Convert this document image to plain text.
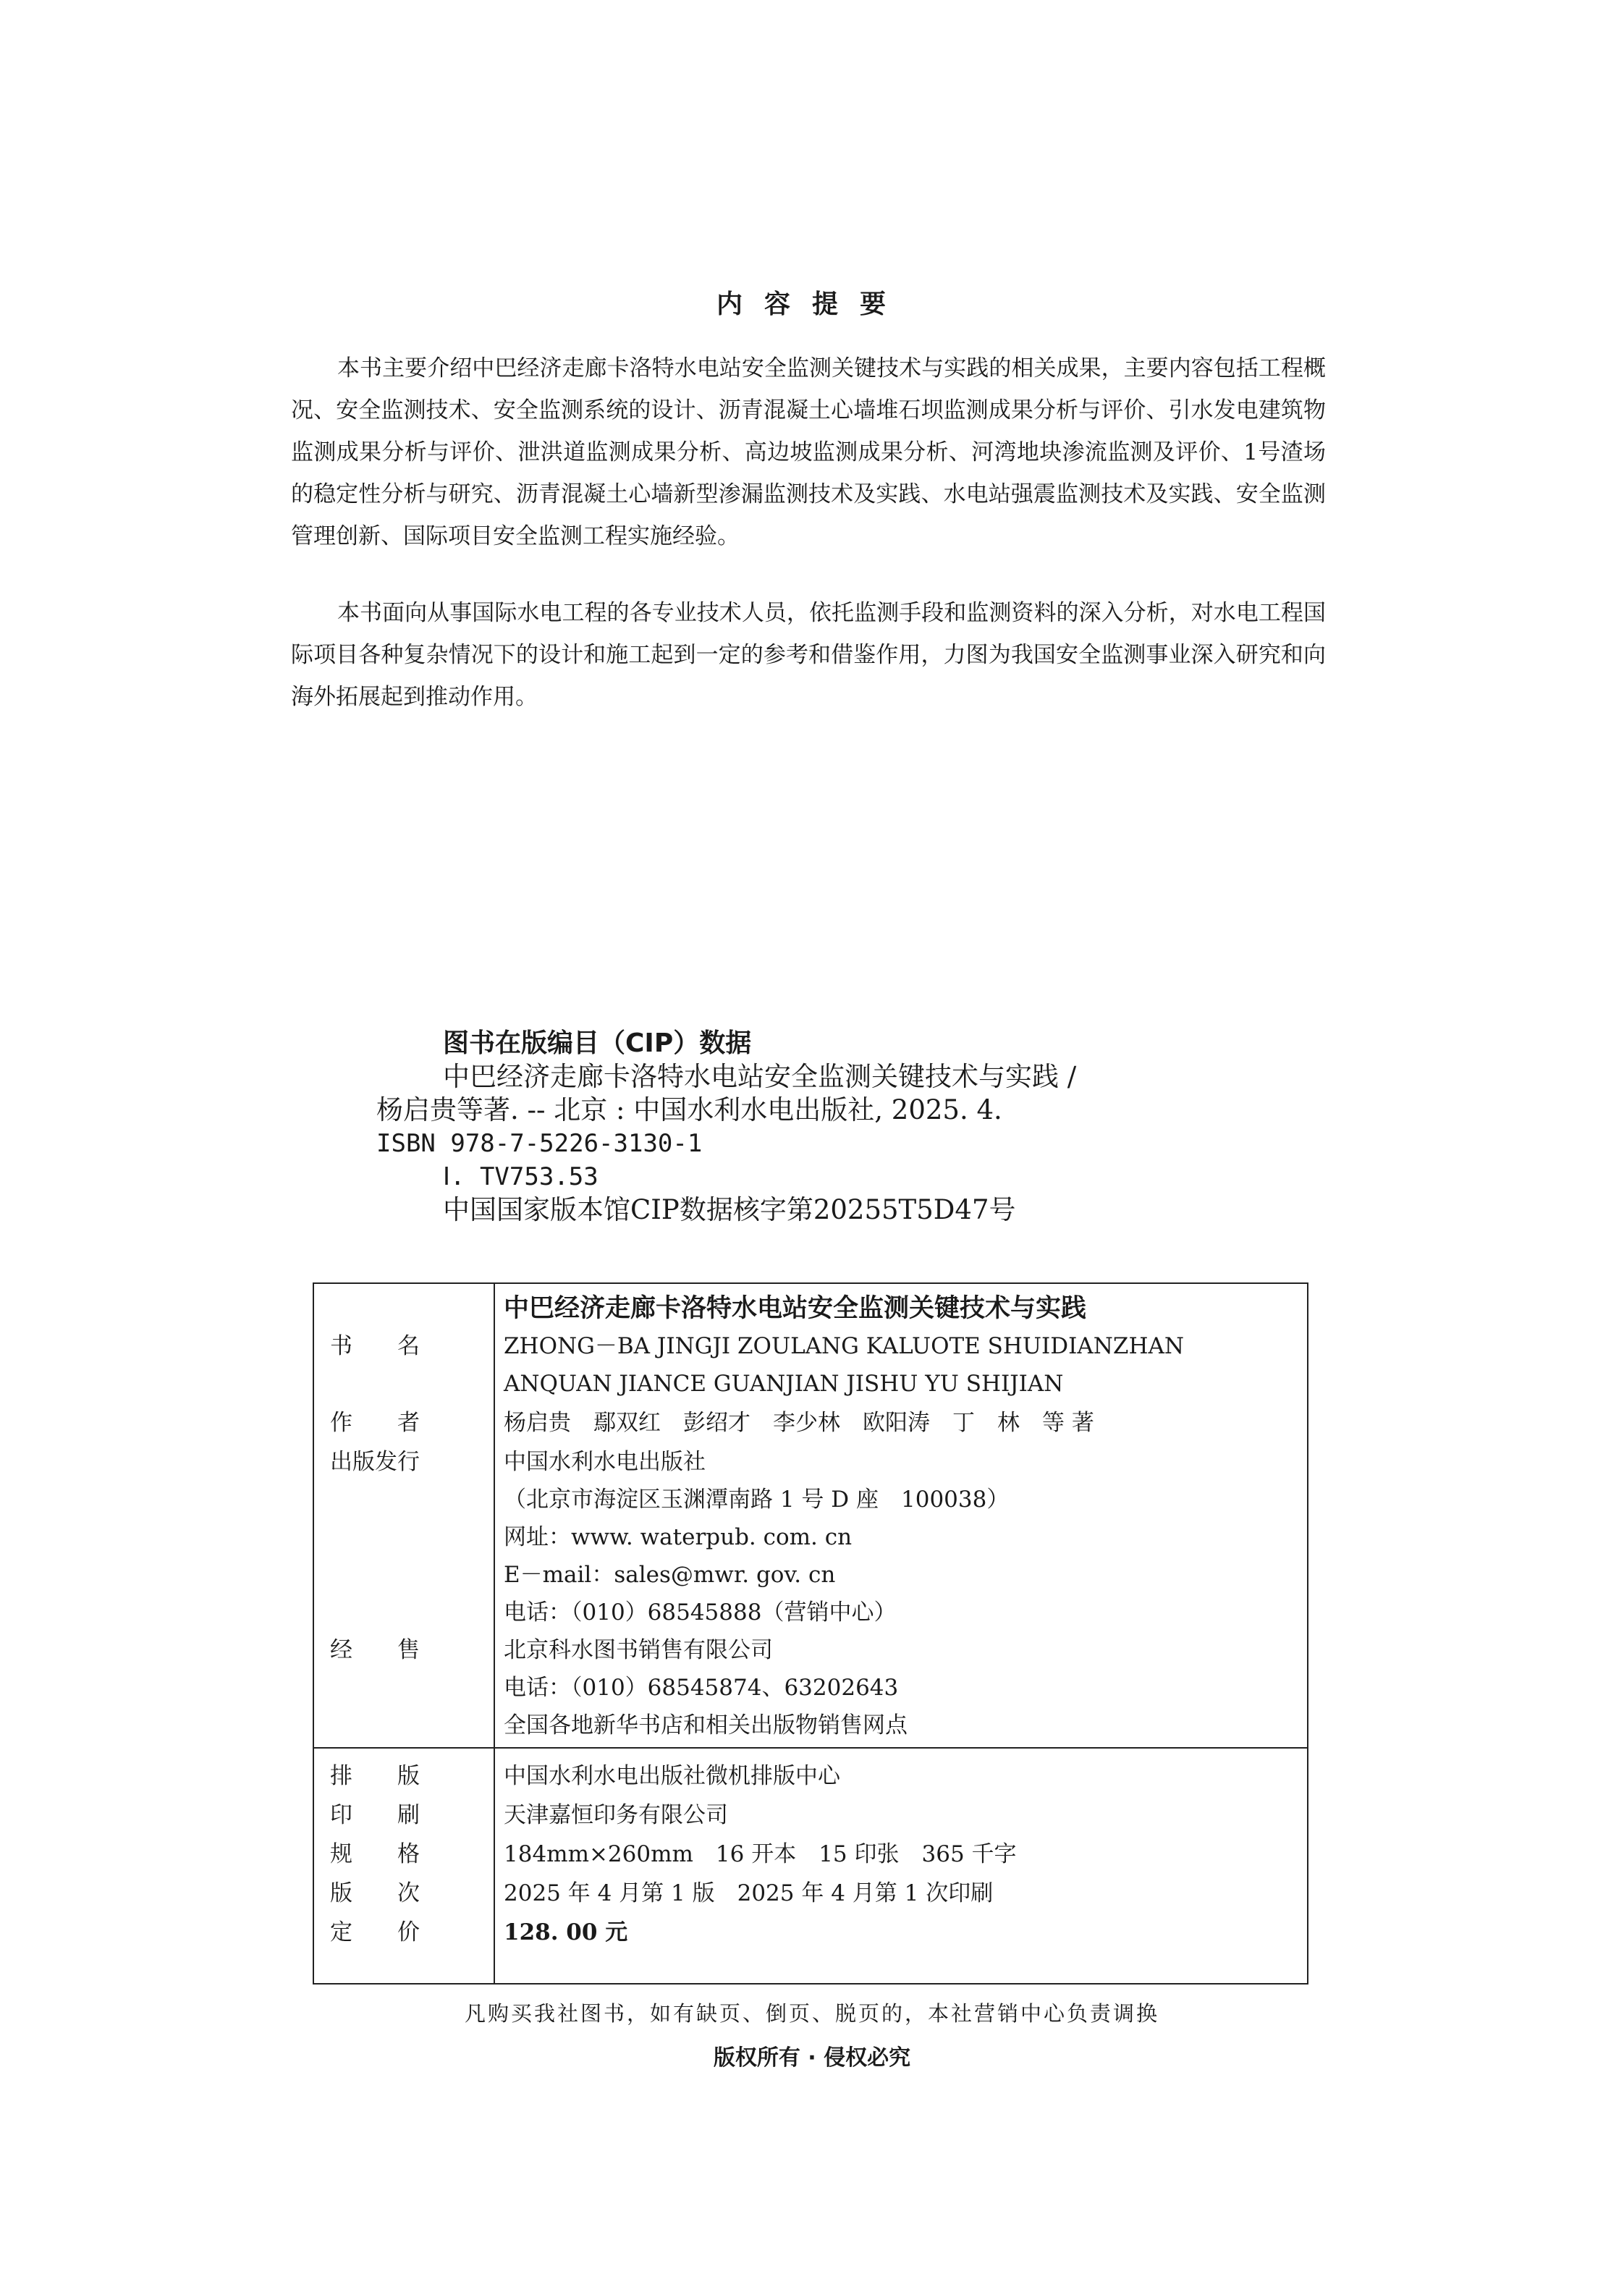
内容提要

本书主要介绍中巴经济走廊卡洛特水电站安全监测关键技术与实践的相关成果，主要内容包括工程概况、安全监测技术、安全监测系统的设计、沥青混凝土心墙堆石坝监测成果分析与评价、引水发电建筑物监测成果分析与评价、泄洪道监测成果分析、高边坡监测成果分析、河湾地块渗流监测及评价、1号渣场的稳定性分析与研究、沥青混凝土心墙新型渗漏监测技术及实践、水电站强震监测技术及实践、安全监测管理创新、国际项目安全监测工程实施经验。

本书面向从事国际水电工程的各专业技术人员，依托监测手段和监测资料的深入分析，对水电工程国际项目各种复杂情况下的设计和施工起到一定的参考和借鉴作用，力图为我国安全监测事业深入研究和向海外拓展起到推动作用。

图书在版编目（CIP）数据
中巴经济走廊卡洛特水电站安全监测关键技术与实践 /
杨启贵等著. -- 北京 : 中国水利水电出版社, 2025. 4.
ISBN 978-7-5226-3130-1
Ⅰ. TV753.53
中国国家版本馆CIP数据核字第20255T5D47号
中巴经济走廊卡洛特水电站安全监测关键技术与实践
书　　名	ZHONG－BA JINGJI ZOULANG KALUOTE SHUIDIANZHAN
ANQUAN JIANCE GUANJIAN JISHU YU SHIJIAN
作　　者	杨启贵　鄢双红　彭绍才　李少林　欧阳涛　丁　林　等 著
出版发行	中国水利水电出版社
（北京市海淀区玉渊潭南路 1 号 D 座　100038）
网址：www. waterpub. com. cn
E－mail：sales@mwr. gov. cn
电话：（010）68545888（营销中心）
经　　售	北京科水图书销售有限公司
电话：（010）68545874、63202643
全国各地新华书店和相关出版物销售网点
排　　版	中国水利水电出版社微机排版中心
印　　刷	天津嘉恒印务有限公司
规　　格	184mm×260mm　16 开本　15 印张　365 千字
版　　次	2025 年 4 月第 1 版　2025 年 4 月第 1 次印刷
定　　价	128. 00 元
凡购买我社图书，如有缺页、倒页、脱页的，本社营销中心负责调换
版权所有 · 侵权必究
